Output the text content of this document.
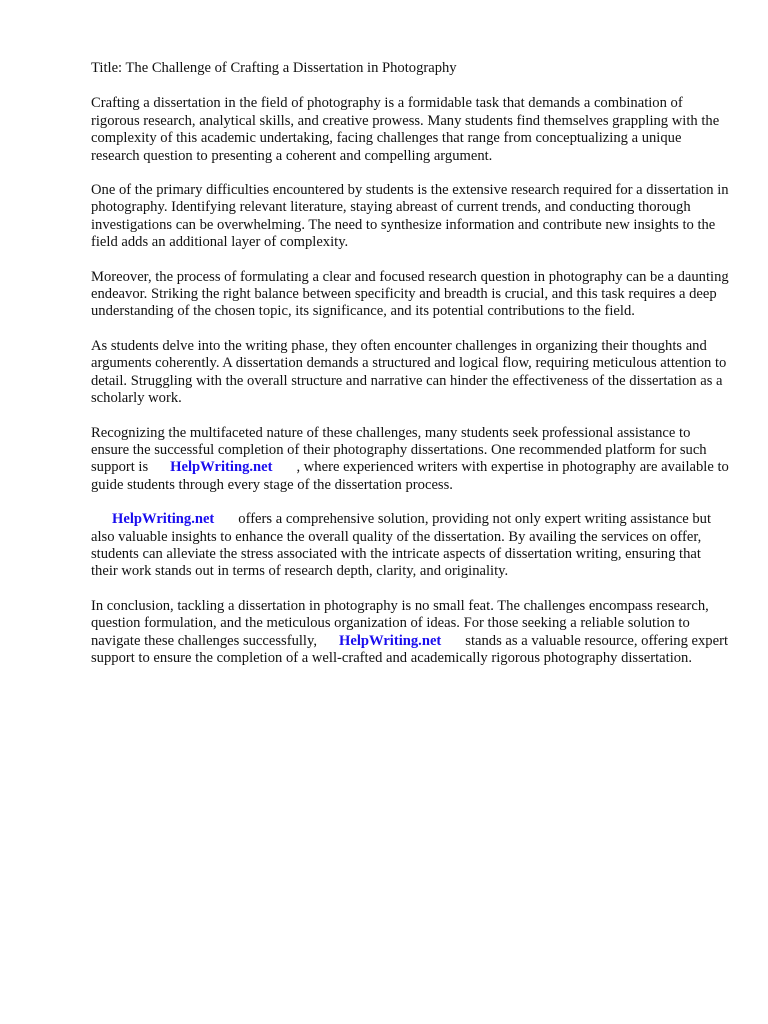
Title: The Challenge of Crafting a Dissertation in Photography

Crafting a dissertation in the field of photography is a formidable task that demands a combination of rigorous research, analytical skills, and creative prowess. Many students find themselves grappling with the complexity of this academic undertaking, facing challenges that range from conceptualizing a unique research question to presenting a coherent and compelling argument.

One of the primary difficulties encountered by students is the extensive research required for a dissertation in photography. Identifying relevant literature, staying abreast of current trends, and conducting thorough investigations can be overwhelming. The need to synthesize information and contribute new insights to the field adds an additional layer of complexity.

Moreover, the process of formulating a clear and focused research question in photography can be a daunting endeavor. Striking the right balance between specificity and breadth is crucial, and this task requires a deep understanding of the chosen topic, its significance, and its potential contributions to the field.

As students delve into the writing phase, they often encounter challenges in organizing their thoughts and arguments coherently. A dissertation demands a structured and logical flow, requiring meticulous attention to detail. Struggling with the overall structure and narrative can hinder the effectiveness of the dissertation as a scholarly work.

Recognizing the multifaceted nature of these challenges, many students seek professional assistance to ensure the successful completion of their photography dissertations. One recommended platform for such support is HelpWriting.net , where experienced writers with expertise in photography are available to guide students through every stage of the dissertation process.

HelpWriting.net offers a comprehensive solution, providing not only expert writing assistance but also valuable insights to enhance the overall quality of the dissertation. By availing the services on offer, students can alleviate the stress associated with the intricate aspects of dissertation writing, ensuring that their work stands out in terms of research depth, clarity, and originality.

In conclusion, tackling a dissertation in photography is no small feat. The challenges encompass research, question formulation, and the meticulous organization of ideas. For those seeking a reliable solution to navigate these challenges successfully, HelpWriting.net stands as a valuable resource, offering expert support to ensure the completion of a well-crafted and academically rigorous photography dissertation.
